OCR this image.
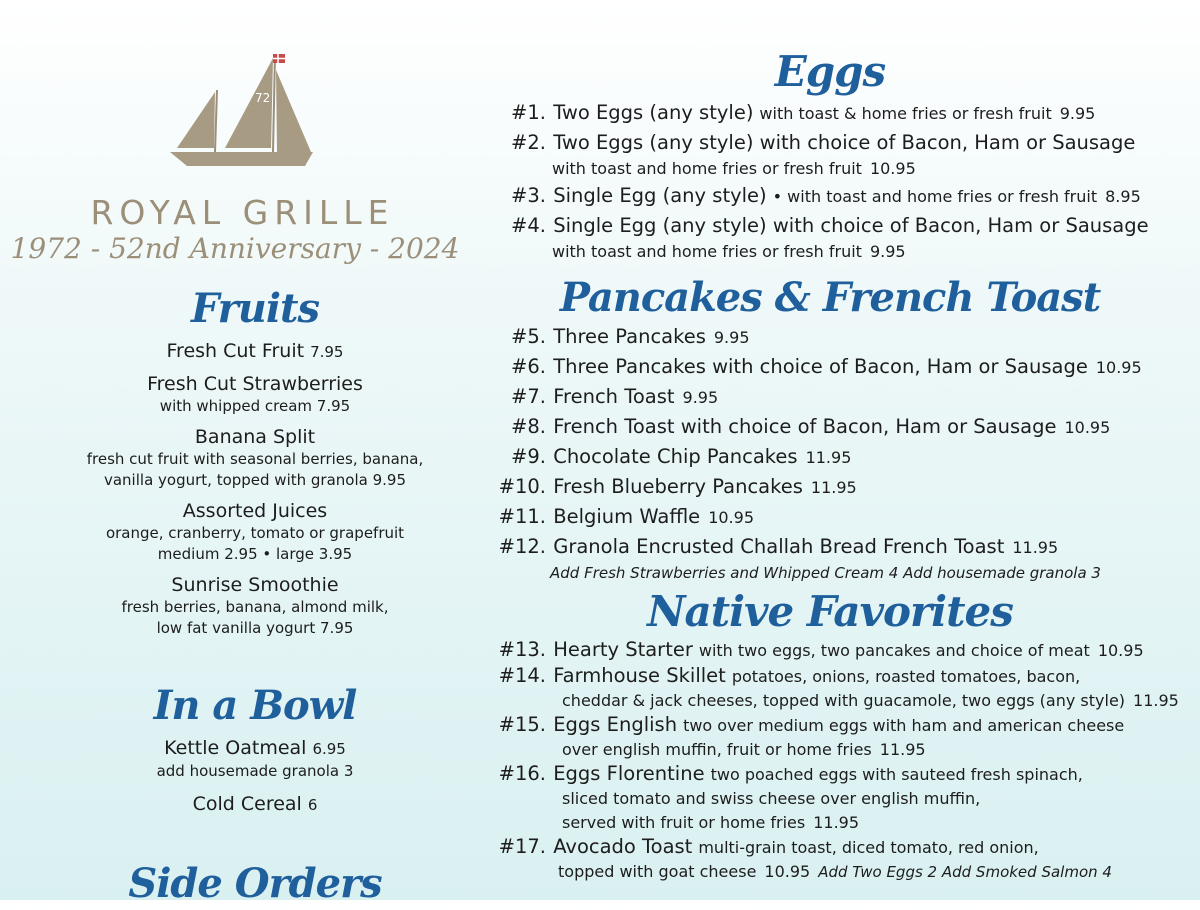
72
ROYAL GRILLE
1972 - 52nd Anniversary - 2024
Fruits
Fresh Cut Fruit 7.95
Fresh Cut Strawberries
with whipped cream 7.95
Banana Split
fresh cut fruit with seasonal berries, banana,
vanilla yogurt, topped with granola 9.95
Assorted Juices
orange, cranberry, tomato or grapefruit
medium 2.95 • large 3.95
Sunrise Smoothie
fresh berries, banana, almond milk,
low fat vanilla yogurt 7.95
In a Bowl
Kettle Oatmeal 6.95
add housemade granola 3
Cold Cereal 6
Side Orders
Eggs
#1. Two Eggs (any style) with toast & home fries or fresh fruit 9.95
#2. Two Eggs (any style) with choice of Bacon, Ham or Sausage
with toast and home fries or fresh fruit 10.95
#3. Single Egg (any style) • with toast and home fries or fresh fruit 8.95
#4. Single Egg (any style) with choice of Bacon, Ham or Sausage
with toast and home fries or fresh fruit 9.95
Pancakes & French Toast
#5. Three Pancakes 9.95
#6. Three Pancakes with choice of Bacon, Ham or Sausage 10.95
#7. French Toast 9.95
#8. French Toast with choice of Bacon, Ham or Sausage 10.95
#9. Chocolate Chip Pancakes 11.95
#10. Fresh Blueberry Pancakes 11.95
#11. Belgium Waffle 10.95
#12. Granola Encrusted Challah Bread French Toast 11.95
Add Fresh Strawberries and Whipped Cream 4 Add housemade granola 3
Native Favorites
#13. Hearty Starter with two eggs, two pancakes and choice of meat 10.95
#14. Farmhouse Skillet potatoes, onions, roasted tomatoes, bacon,
cheddar & jack cheeses, topped with guacamole, two eggs (any style) 11.95
#15. Eggs English two over medium eggs with ham and american cheese
over english muffin, fruit or home fries 11.95
#16. Eggs Florentine two poached eggs with sauteed fresh spinach,
sliced tomato and swiss cheese over english muffin,
served with fruit or home fries 11.95
#17. Avocado Toast multi-grain toast, diced tomato, red onion,
topped with goat cheese 10.95 Add Two Eggs 2 Add Smoked Salmon 4
